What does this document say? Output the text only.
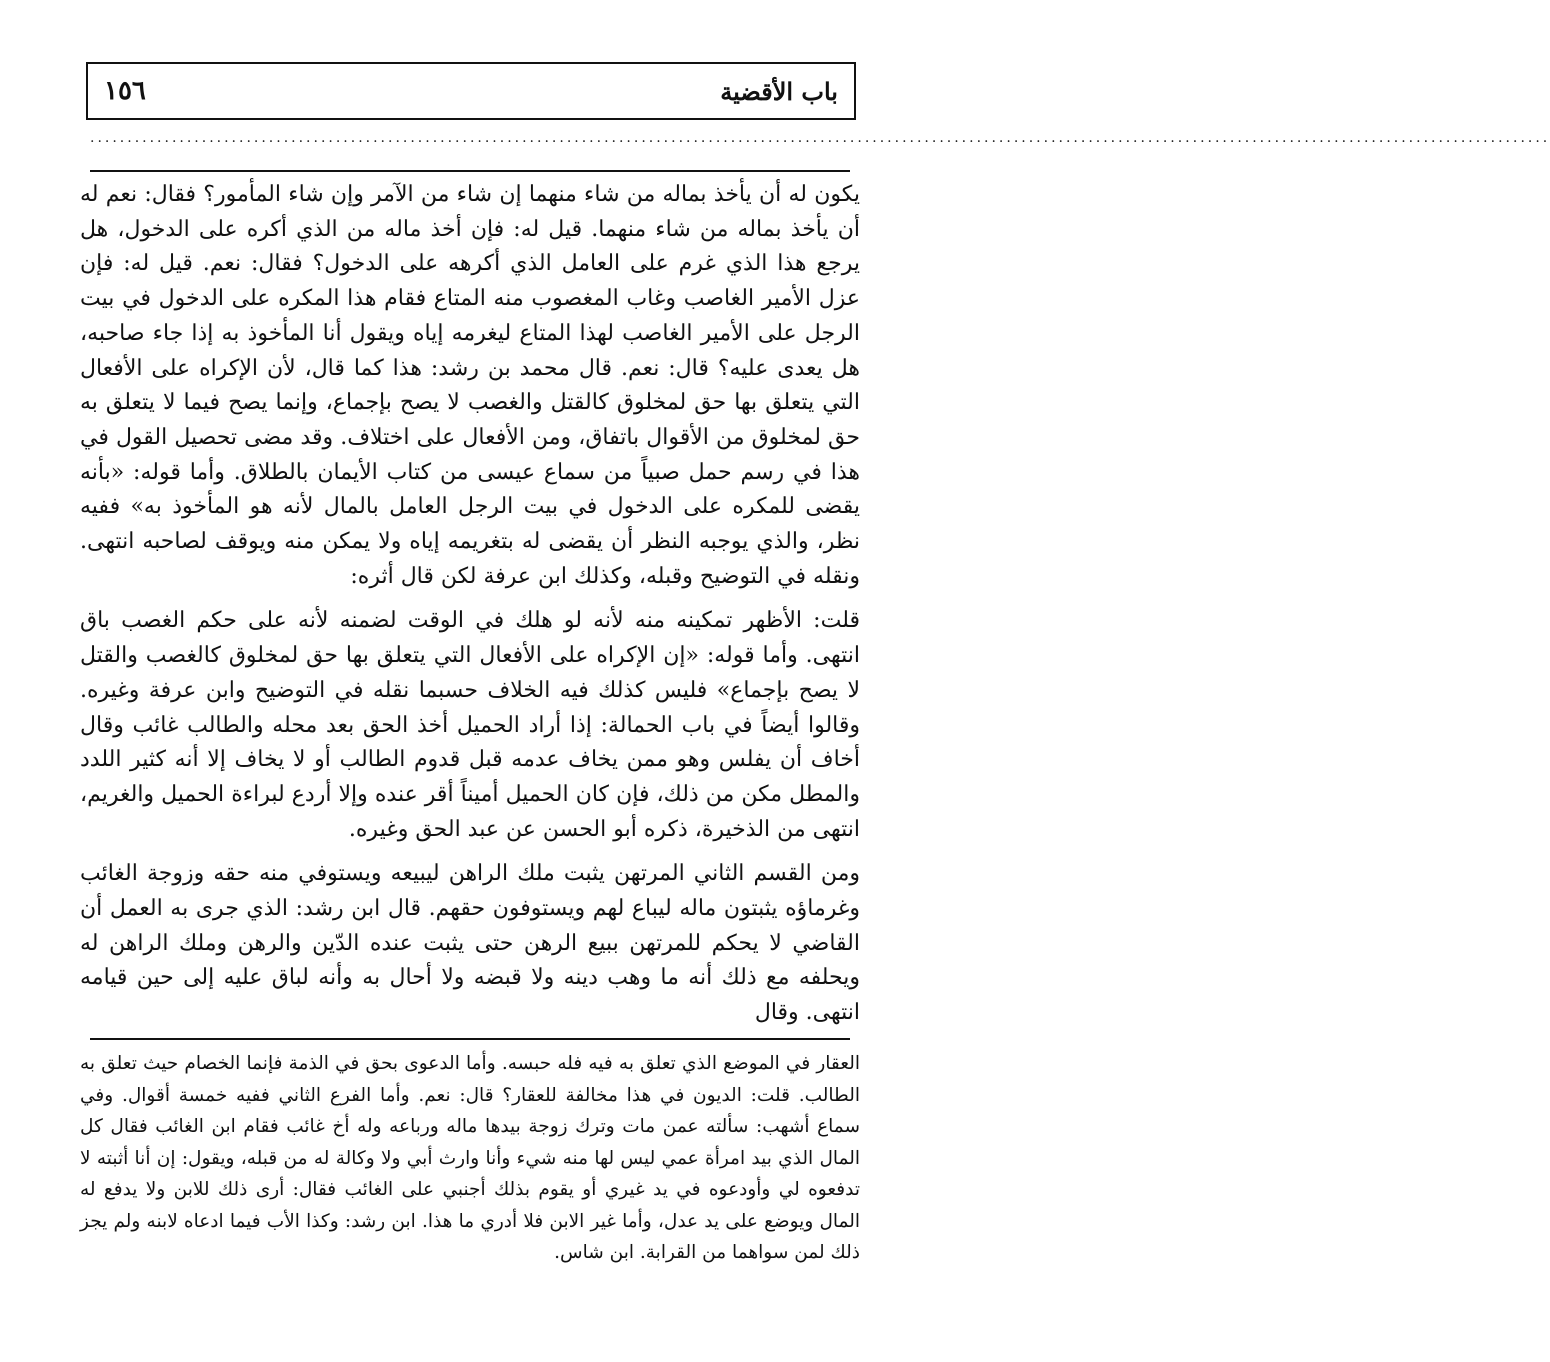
١٥٦	باب الأقضية
....................................................................................................................................................................................................

يكون له أن يأخذ بماله من شاء منهما إن شاء من الآمر وإن شاء المأمور؟ فقال: نعم له أن يأخذ بماله من شاء منهما. قيل له: فإن أخذ ماله من الذي أكره على الدخول، هل يرجع هذا الذي غرم على العامل الذي أكرهه على الدخول؟ فقال: نعم. قيل له: فإن عزل الأمير الغاصب وغاب المغصوب منه المتاع فقام هذا المكره على الدخول في بيت الرجل على الأمير الغاصب لهذا المتاع ليغرمه إياه ويقول أنا المأخوذ به إذا جاء صاحبه، هل يعدى عليه؟ قال: نعم. قال محمد بن رشد: هذا كما قال، لأن الإكراه على الأفعال التي يتعلق بها حق لمخلوق كالقتل والغصب لا يصح بإجماع، وإنما يصح فيما لا يتعلق به حق لمخلوق من الأقوال باتفاق، ومن الأفعال على اختلاف. وقد مضى تحصيل القول في هذا في رسم حمل صبياً من سماع عيسى من كتاب الأيمان بالطلاق. وأما قوله: «بأنه يقضى للمكره على الدخول في بيت الرجل العامل بالمال لأنه هو المأخوذ به» ففيه نظر، والذي يوجبه النظر أن يقضى له بتغريمه إياه ولا يمكن منه ويوقف لصاحبه انتهى. ونقله في التوضيح وقبله، وكذلك ابن عرفة لكن قال أثره:

قلت: الأظهر تمكينه منه لأنه لو هلك في الوقت لضمنه لأنه على حكم الغصب باق انتهى. وأما قوله: «إن الإكراه على الأفعال التي يتعلق بها حق لمخلوق كالغصب والقتل لا يصح بإجماع» فليس كذلك فيه الخلاف حسبما نقله في التوضيح وابن عرفة وغيره. وقالوا أيضاً في باب الحمالة: إذا أراد الحميل أخذ الحق بعد محله والطالب غائب وقال أخاف أن يفلس وهو ممن يخاف عدمه قبل قدوم الطالب أو لا يخاف إلا أنه كثير اللدد والمطل مكن من ذلك، فإن كان الحميل أميناً أقر عنده وإلا أردع لبراءة الحميل والغريم، انتهى من الذخيرة، ذكره أبو الحسن عن عبد الحق وغيره.

ومن القسم الثاني المرتهن يثبت ملك الراهن ليبيعه ويستوفي منه حقه وزوجة الغائب وغرماؤه يثبتون ماله ليباع لهم ويستوفون حقهم. قال ابن رشد: الذي جرى به العمل أن القاضي لا يحكم للمرتهن ببيع الرهن حتى يثبت عنده الدّين والرهن وملك الراهن له ويحلفه مع ذلك أنه ما وهب دينه ولا قبضه ولا أحال به وأنه لباق عليه إلى حين قيامه انتهى. وقال

العقار في الموضع الذي تعلق به فيه فله حبسه. وأما الدعوى بحق في الذمة فإنما الخصام حيث تعلق به الطالب. قلت: الديون في هذا مخالفة للعقار؟ قال: نعم. وأما الفرع الثاني ففيه خمسة أقوال. وفي سماع أشهب: سألته عمن مات وترك زوجة بيدها ماله ورباعه وله أخ غائب فقام ابن الغائب فقال كل المال الذي بيد امرأة عمي ليس لها منه شيء وأنا وارث أبي ولا وكالة له من قبله، ويقول: إن أنا أثبته لا تدفعوه لي وأودعوه في يد غيري أو يقوم بذلك أجنبي على الغائب فقال: أرى ذلك للابن ولا يدفع له المال ويوضع على يد عدل، وأما غير الابن فلا أدري ما هذا. ابن رشد: وكذا الأب فيما ادعاه لابنه ولم يجز ذلك لمن سواهما من القرابة. ابن شاس.
